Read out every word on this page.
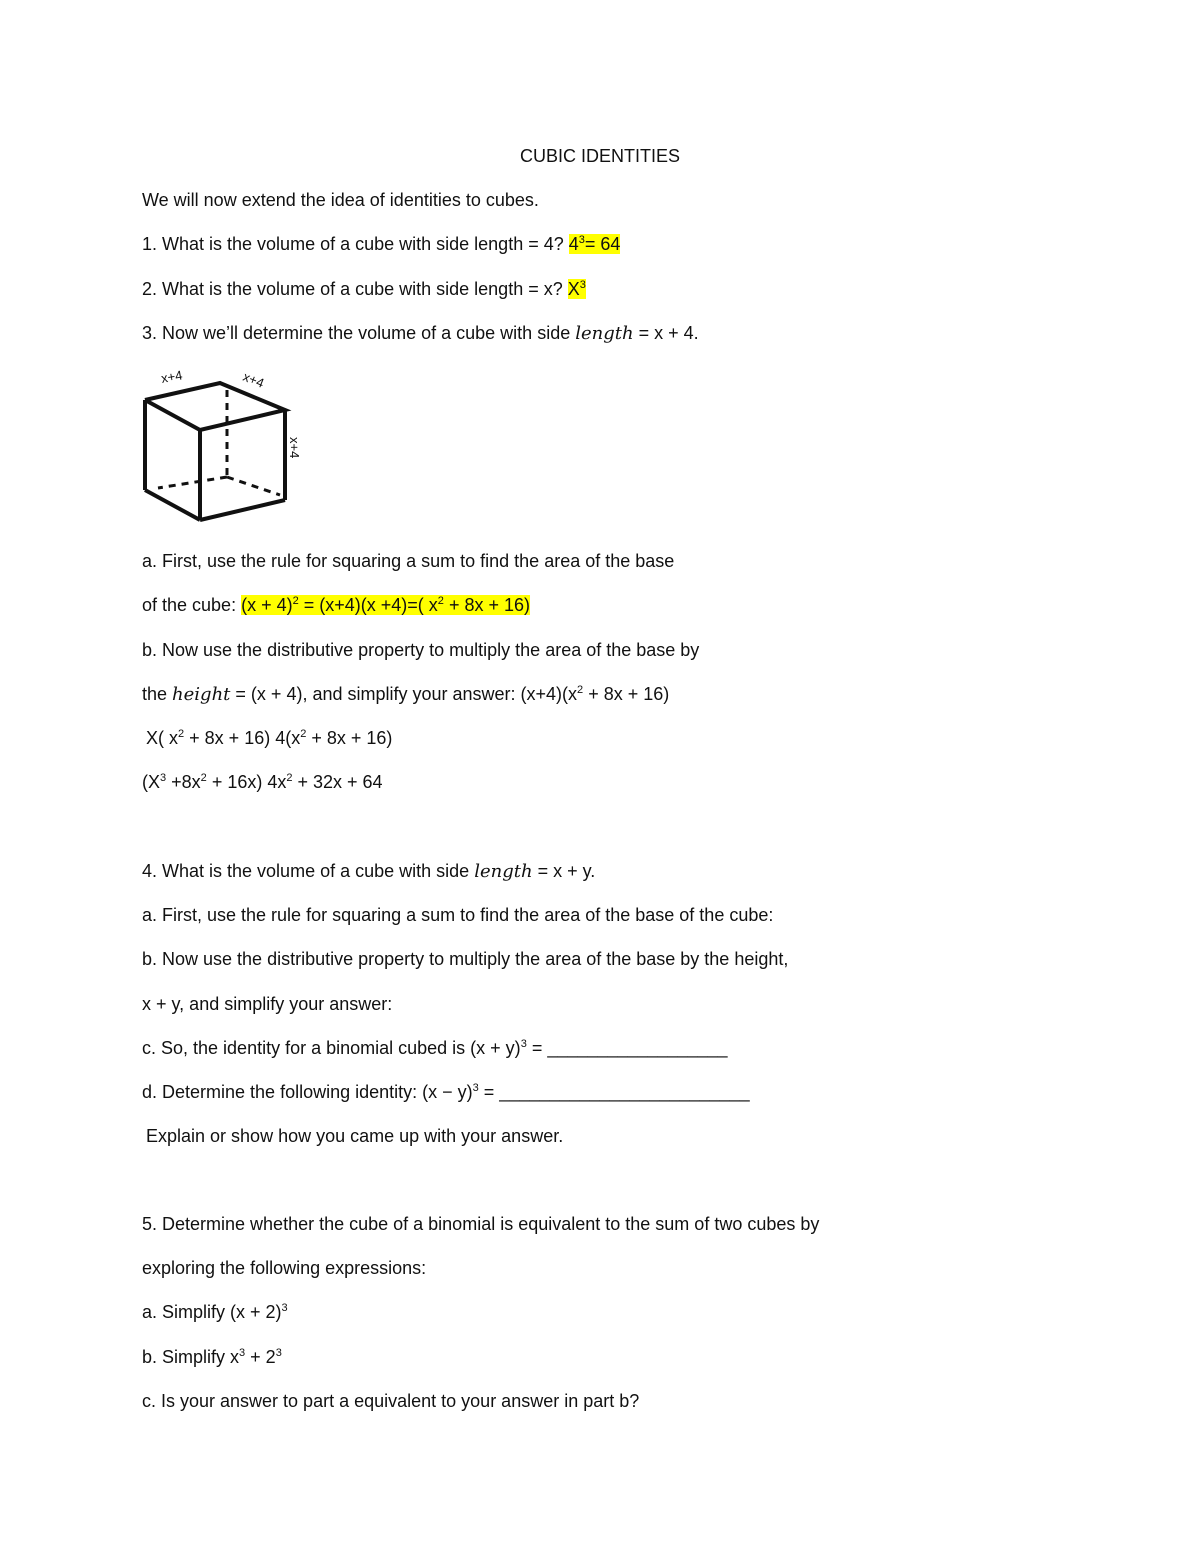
CUBIC IDENTITIES
We will now extend the idea of identities to cubes.
1. What is the volume of a cube with side length = 4? $4^3= 64$
2. What is the volume of a cube with side length = x? $X^3$
3. Now we’ll determine the volume of a cube with side length = x + 4.
x+4	x+4
x+4
a. First, use the rule for squaring a sum to find the area of the base
of the cube: $(x + 4)^2 = (x+4)(x +4)=$( $x^2 + 8x + 16$)
b. Now use the distributive property to multiply the area of the base by
the height = (x + 4), and simplify your answer: $(x+4)(x^2 + 8x + 16)$
X( $x^2 + 8x + 16$) $4(x^2 + 8x + 16)$
$(X^3 +8x^2 + 16x) 4x^2 + 32x + 64$
4. What is the volume of a cube with side length = x + y.
a. First, use the rule for squaring a sum to find the area of the base of the cube:
b. Now use the distributive property to multiply the area of the base by the height,
x + y, and simplify your answer:
c. So, the identity for a binomial cubed is $(x + y)^3$ = __________________
d. Determine the following identity: $(x - y)^3$ = _________________________
Explain or show how you came up with your answer.
5. Determine whether the cube of a binomial is equivalent to the sum of two cubes by
exploring the following expressions:
a. Simplify $(x + 2)^3$
b. Simplify $x^3 + 2^3$
c. Is your answer to part a equivalent to your answer in part b?
